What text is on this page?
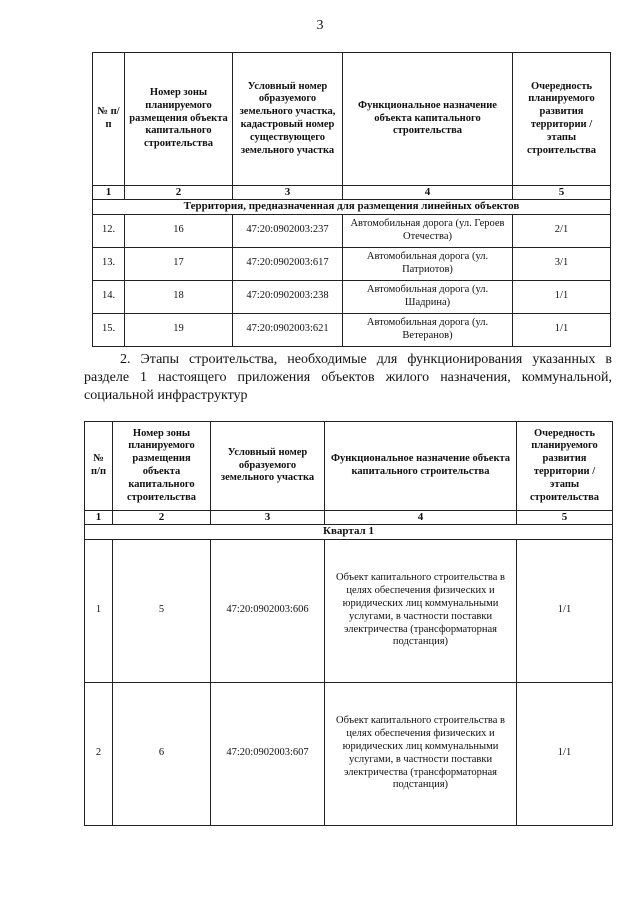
3
№ п/п	Номер зоны планируемого размещения объекта капитального строительства	Условный номер образуемого земельного участка, кадастровый номер существующего земельного участка	Функциональное назначение объекта капитального строительства	Очередность планируемого развития территории / этапы строительства
1	2	3	4	5
Территория, предназначенная для размещения линейных объектов				
12.	16	47:20:0902003:237	Автомобильная дорога (ул. Героев Отечества)	2/1
13.	17	47:20:0902003:617	Автомобильная дорога (ул. Патриотов)	3/1
14.	18	47:20:0902003:238	Автомобильная дорога (ул. Шадрина)	1/1
15.	19	47:20:0902003:621	Автомобильная дорога (ул. Ветеранов)	1/1
2. Этапы строительства, необходимые для функционирования указанных в разделе 1 настоящего приложения объектов жилого назначения, коммунальной, социальной инфраструктур
№ п/п	Номер зоны планируемого размещения объекта капитального строительства	Условный номер образуемого земельного участка	Функциональное назначение объекта капитального строительства	Очередность планируемого развития территории / этапы строительства
1	2	3	4	5
Квартал 1				
1	5	47:20:0902003:606	Объект капитального строительства в целях обеспечения физических и юридических лиц коммунальными услугами, в частности поставки электричества (трансформаторная подстанция)	1/1
2	6	47:20:0902003:607	Объект капитального строительства в целях обеспечения физических и юридических лиц коммунальными услугами, в частности поставки электричества (трансформаторная подстанция)	1/1
